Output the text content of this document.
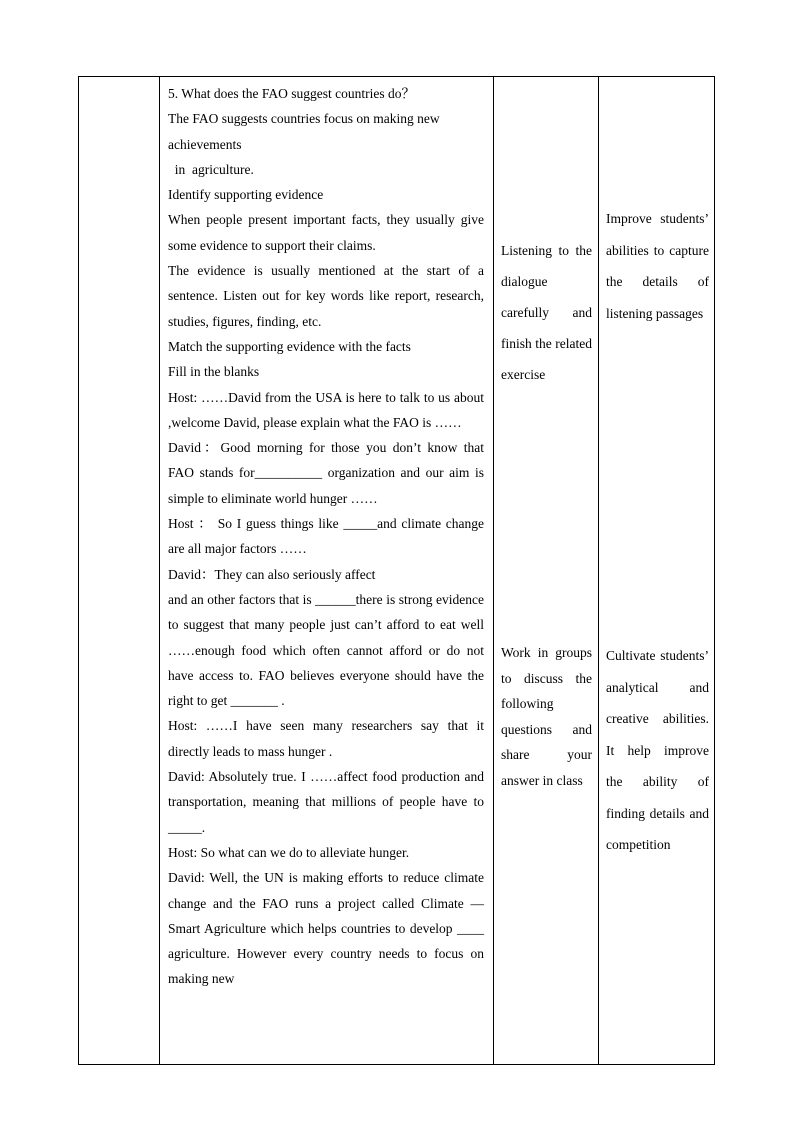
5. What does the FAO suggest countries do？

The FAO suggests countries focus on making new achievements

in  agriculture.

Identify supporting evidence

When people present important facts, they usually give some evidence to support their claims.

The evidence is usually mentioned at the start of a sentence. Listen out for key words like report, research, studies, figures, finding, etc.

Match the supporting evidence with the facts

Fill in the blanks

Host: ……David from the USA is here to talk to us about ,welcome David, please explain what the FAO is ……

David：Good morning for those you don’t know that FAO stands for__________ organization and our aim is simple to eliminate world hunger ……

Host ： So I guess things like _____and climate change are all major factors ……

David：They can also seriously affect

and an other factors that is ______there is strong evidence to suggest that many people just can’t afford to eat well ……enough food which often cannot afford or do not have access to. FAO believes everyone should have the right to get _______ .

Host: ……I have seen many researchers say that it directly leads to mass hunger .

David: Absolutely true. I ……affect food production and transportation, meaning that millions of people have to _____.

Host: So what can we do to alleviate hunger.

David: Well, the UN is making efforts to reduce climate change and the FAO runs a project called Climate —Smart Agriculture which helps countries to develop ____ agriculture. However every country needs to focus on making new

Listening to the dialogue carefully and finish the related exercise

Work in groups to discuss the following questions and share your answer in class

Improve students’ abilities to capture the details of listening passages

Cultivate students’ analytical and creative abilities. It help improve the ability of finding details and competition
